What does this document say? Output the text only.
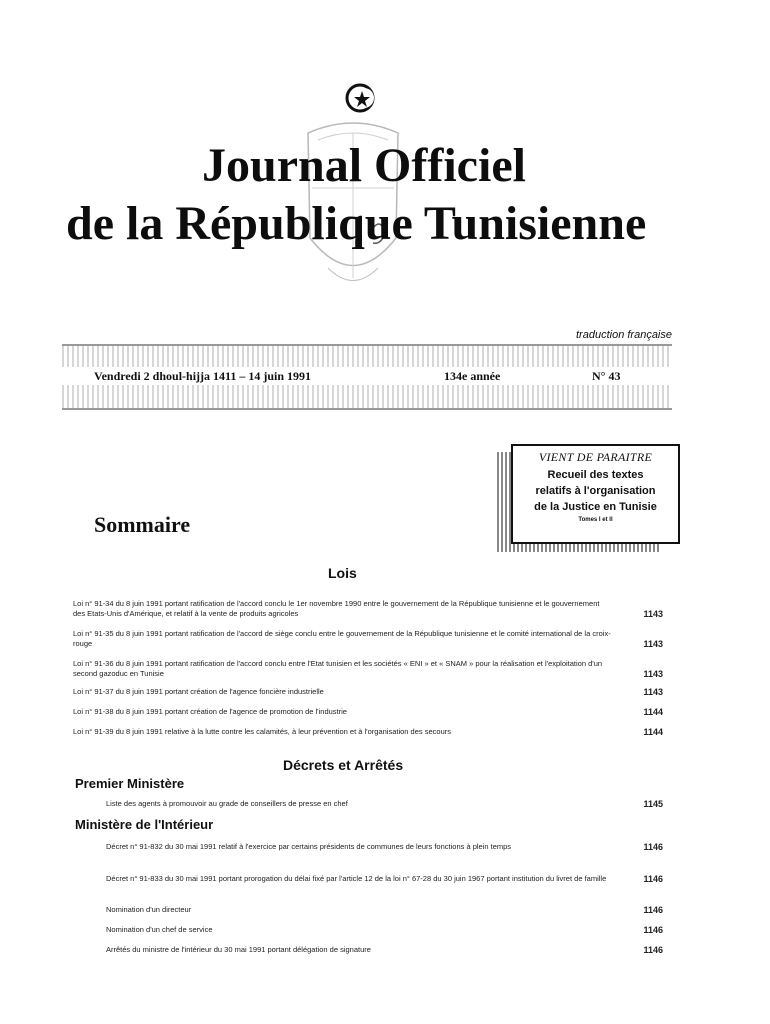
Journal Officiel
de la République Tunisienne
traduction française
Vendredi 2 dhoul-hijja 1411 – 14 juin 1991	134e année	N° 43
VIENT DE PARAITRE
Recueil des textes
relatifs à l'organisation
de la Justice en Tunisie
Tomes I et II
Sommaire
Lois
Loi n° 91-34 du 8 juin 1991 portant ratification de l'accord conclu le 1er novembre 1990 entre le gouvernement de la République tunisienne et le gouvernement des Etats-Unis d'Amérique, et relatif à la vente de produits agricoles	1143
Loi n° 91-35 du 8 juin 1991 portant ratification de l'accord de siège conclu entre le gouvernement de la République tunisienne et le comité international de la croix-rouge	1143
Loi n° 91-36 du 8 juin 1991 portant ratification de l'accord conclu entre l'Etat tunisien et les sociétés « ENI » et « SNAM » pour la réalisation et l'exploitation d'un second gazoduc en Tunisie	1143
Loi n° 91-37 du 8 juin 1991 portant création de l'agence foncière industrielle	1143
Loi n° 91-38 du 8 juin 1991 portant création de l'agence de promotion de l'industrie	1144
Loi n° 91-39 du 8 juin 1991 relative à la lutte contre les calamités, à leur prévention et à l'organisation des secours	1144
Décrets et Arrêtés
Premier Ministère
Liste des agents à promouvoir au grade de conseillers de presse en chef	1145
Ministère de l'Intérieur
Décret n° 91-832 du 30 mai 1991 relatif à l'exercice par certains présidents de communes de leurs fonctions à plein temps	1146
Décret n° 91-833 du 30 mai 1991 portant prorogation du délai fixé par l'article 12 de la loi n° 67-28 du 30 juin 1967 portant institution du livret de famille	1146
Nomination d'un directeur	1146
Nomination d'un chef de service	1146
Arrêtés du ministre de l'intérieur du 30 mai 1991 portant délégation de signature	1146
